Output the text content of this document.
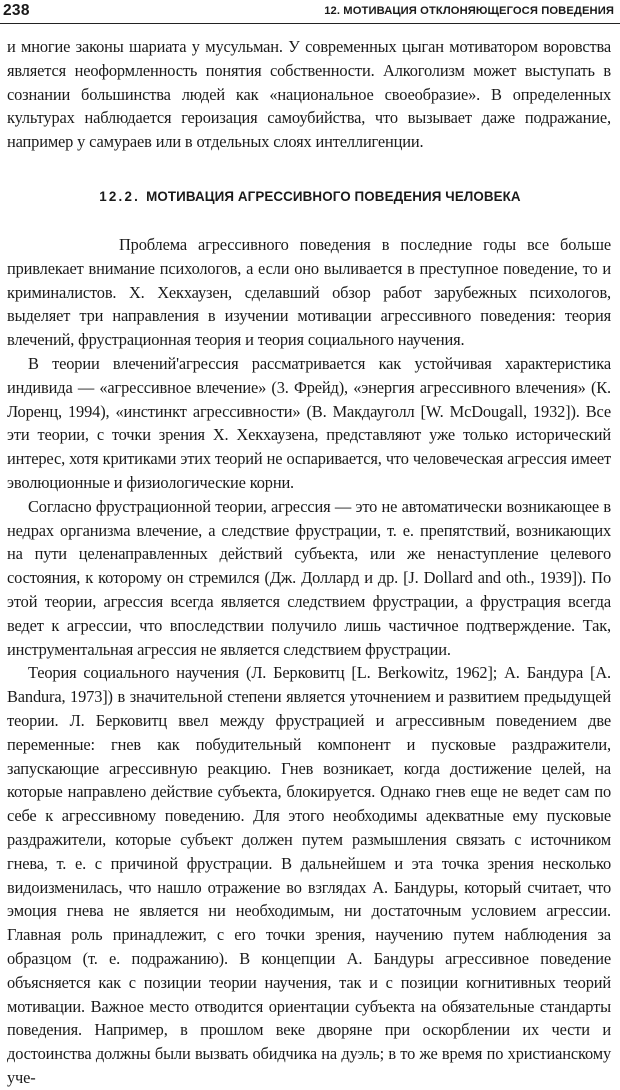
238	12. МОТИВАЦИЯ ОТКЛОНЯЮЩЕГОСЯ ПОВЕДЕНИЯ

и многие законы шариата у мусульман. У современных цыган мотиватором воровства является неоформленность понятия собственности. Алкоголизм может выступать в сознании большинства людей как «национальное своеобразие». В определенных культурах наблюдается героизация самоубийства, что вызывает даже подражание, например у самураев или в отдельных слоях интеллигенции.

12.2. МОТИВАЦИЯ АГРЕССИВНОГО ПОВЕДЕНИЯ ЧЕЛОВЕКА

Проблема агрессивного поведения в последние годы все больше привлекает внимание психологов, а если оно выливается в преступное поведение, то и криминалистов. X. Хекхаузен, сделавший обзор работ зарубежных психологов, выделяет три направления в изучении мотивации агрессивного поведения: теория влечений, фрустрационная теория и теория социального научения.

В теории влечений'агрессия рассматривается как устойчивая характеристика индивида — «агрессивное влечение» (3. Фрейд), «энергия агрессивного влечения» (К. Лоренц, 1994), «инстинкт агрессивности» (В. Макдауголл [W. McDougall, 1932]). Все эти теории, с точки зрения X. Хекхаузена, представляют уже только исторический интерес, хотя критиками этих теорий не оспаривается, что человеческая агрессия имеет эволюционные и физиологические корни.

Согласно фрустрационной теории, агрессия — это не автоматически возникающее в недрах организма влечение, а следствие фрустрации, т. е. препятствий, возникающих на пути целенаправленных действий субъекта, или же ненаступление целевого состояния, к которому он стремился (Дж. Доллард и др. [J. Dollard and oth., 1939]). По этой теории, агрессия всегда является следствием фрустрации, а фрустрация всегда ведет к агрессии, что впоследствии получило лишь частичное подтверждение. Так, инструментальная агрессия не является следствием фрустрации.

Теория социального научения (Л. Берковитц [L. Berkowitz, 1962]; А. Бандура [A. Bandura, 1973]) в значительной степени является уточнением и развитием предыдущей теории. Л. Берковитц ввел между фрустрацией и агрессивным поведением две переменные: гнев как побудительный компонент и пусковые раздражители, запускающие агрессивную реакцию. Гнев возникает, когда достижение целей, на которые направлено действие субъекта, блокируется. Однако гнев еще не ведет сам по себе к агрессивному поведению. Для этого необходимы адекватные ему пусковые раздражители, которые субъект должен путем размышления связать с источником гнева, т. е. с причиной фрустрации. В дальнейшем и эта точка зрения несколько видоизменилась, что нашло отражение во взглядах А. Бандуры, который считает, что эмоция гнева не является ни необходимым, ни достаточным условием агрессии. Главная роль принадлежит, с его точки зрения, научению путем наблюдения за образцом (т. е. подражанию). В концепции А. Бандуры агрессивное поведение объясняется как с позиции теории научения, так и с позиции когнитивных теорий мотивации. Важное место отводится ориентации субъекта на обязательные стандарты поведения. Например, в прошлом веке дворяне при оскорблении их чести и достоинства должны были вызвать обидчика на дуэль; в то же время по христианскому уче-
